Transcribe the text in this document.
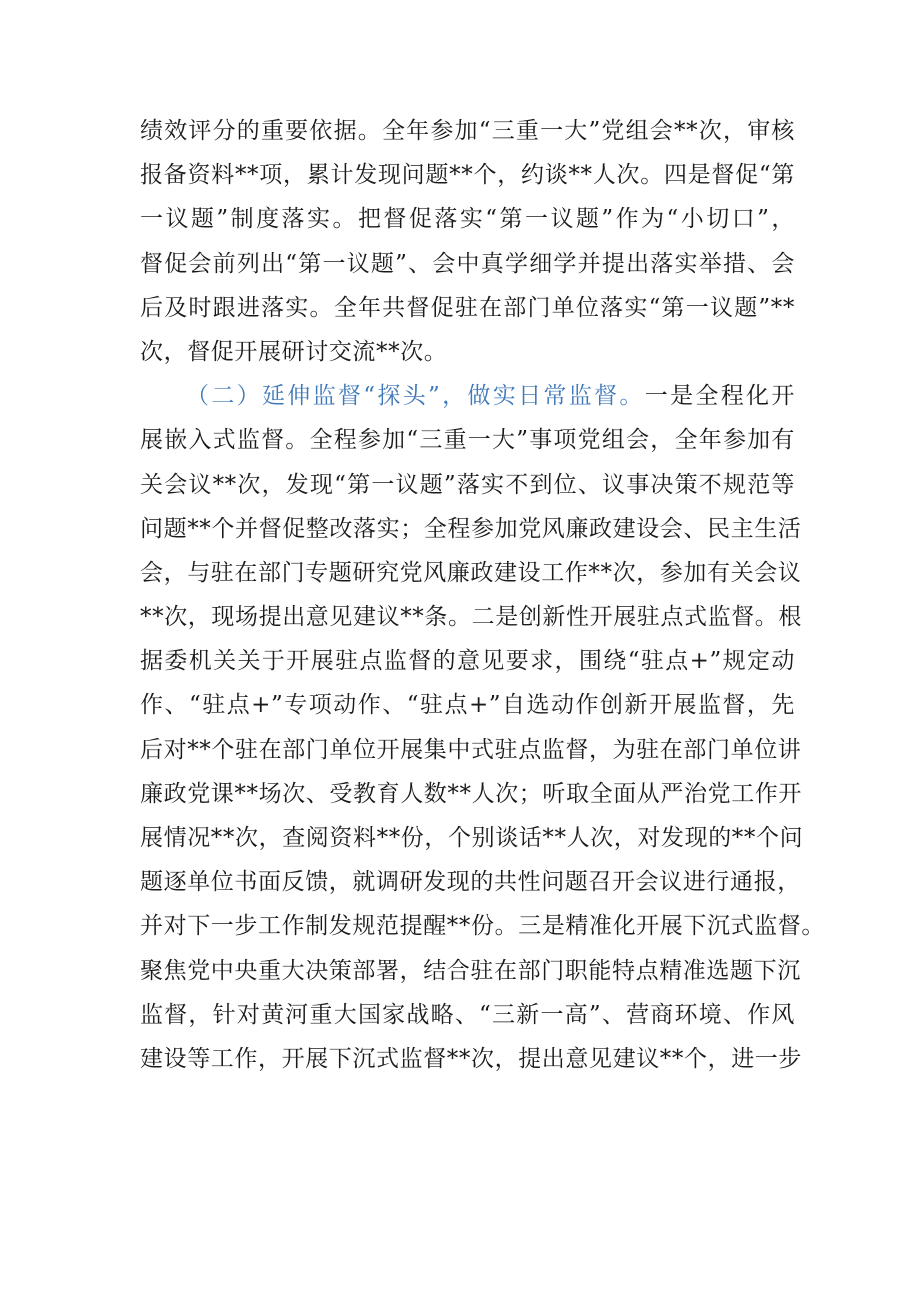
绩效评分的重要依据。全年参加“三重一大”党组会**次，审核
报备资料**项，累计发现问题**个，约谈**人次。四是督促“第
一议题”制度落实。把督促落实“第一议题”作为“小切口”，
督促会前列出“第一议题”、会中真学细学并提出落实举措、会
后及时跟进落实。全年共督促驻在部门单位落实“第一议题”**
次，督促开展研讨交流**次。
（二）延伸监督“探头”，做实日常监督。一是全程化开
展嵌入式监督。全程参加“三重一大”事项党组会，全年参加有
关会议**次，发现“第一议题”落实不到位、议事决策不规范等
问题**个并督促整改落实；全程参加党风廉政建设会、民主生活
会，与驻在部门专题研究党风廉政建设工作**次，参加有关会议
**次，现场提出意见建议**条。二是创新性开展驻点式监督。根
据委机关关于开展驻点监督的意见要求，围绕“驻点+”规定动
作、“驻点+”专项动作、“驻点+”自选动作创新开展监督，先
后对**个驻在部门单位开展集中式驻点监督，为驻在部门单位讲
廉政党课**场次、受教育人数**人次；听取全面从严治党工作开
展情况**次，查阅资料**份，个别谈话**人次，对发现的**个问
题逐单位书面反馈，就调研发现的共性问题召开会议进行通报，
并对下一步工作制发规范提醒**份。三是精准化开展下沉式监督。
聚焦党中央重大决策部署，结合驻在部门职能特点精准选题下沉
监督，针对黄河重大国家战略、“三新一高”、营商环境、作风
建设等工作，开展下沉式监督**次，提出意见建议**个，进一步
